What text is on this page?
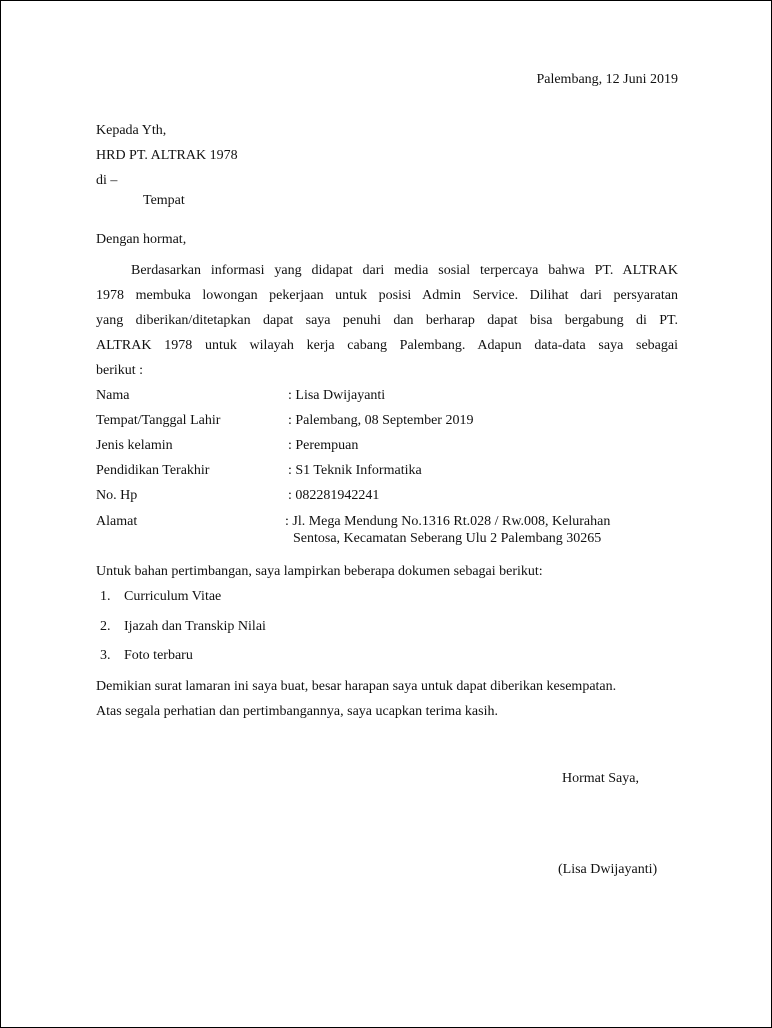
Palembang, 12 Juni 2019
Kepada Yth,
HRD PT. ALTRAK 1978
di –
Tempat
Dengan hormat,
Berdasarkan informasi yang didapat dari media sosial terpercaya bahwa PT. ALTRAK
1978 membuka lowongan pekerjaan untuk posisi Admin Service. Dilihat dari persyaratan
yang diberikan/ditetapkan dapat saya penuhi dan berharap dapat bisa bergabung di PT.
ALTRAK 1978 untuk wilayah kerja cabang Palembang. Adapun data-data saya sebagai
berikut :
Nama	: Lisa Dwijayanti
Tempat/Tanggal Lahir	: Palembang, 08 September 2019
Jenis kelamin	: Perempuan
Pendidikan Terakhir	: S1 Teknik Informatika
No. Hp	: 082281942241
Alamat	: Jl. Mega Mendung No.1316 Rt.028 / Rw.008, Kelurahan
Sentosa, Kecamatan Seberang Ulu 2 Palembang 30265
Untuk bahan pertimbangan, saya lampirkan beberapa dokumen sebagai berikut:
1. Curriculum Vitae
2. Ijazah dan Transkip Nilai
3. Foto terbaru
Demikian surat lamaran ini saya buat, besar harapan saya untuk dapat diberikan kesempatan.
Atas segala perhatian dan pertimbangannya, saya ucapkan terima kasih.
Hormat Saya,
(Lisa Dwijayanti)
